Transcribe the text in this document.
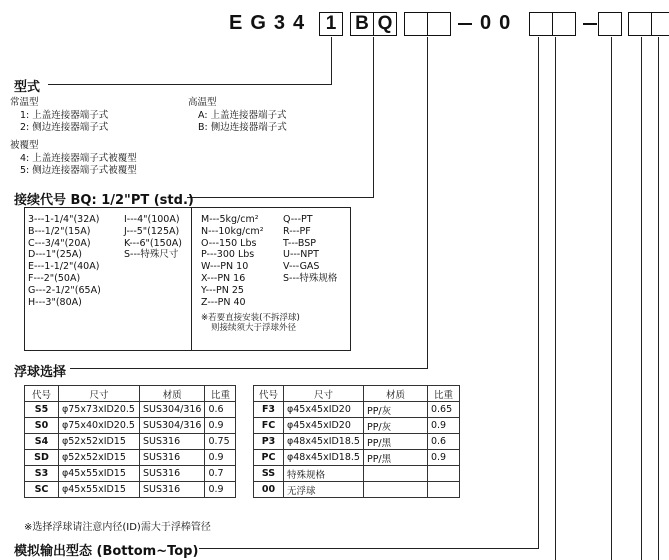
EG34 1 B Q	00
型式
常温型
1: 上盖连接器端子式
2: 侧边连接器端子式
被覆型
4: 上盖连接器端子式被覆型
5: 侧边连接器端子式被覆型
高温型
A: 上盖连接器端子式
B: 侧边连接器端子式
接续代号 BQ: 1/2"PT (std.)
3---1-1/4"(32A)
B---1/2"(15A)
C---3/4"(20A)
D---1"(25A)
E---1-1/2"(40A)
F---2"(50A)
G---2-1/2"(65A)
H---3"(80A)
I---4"(100A)
J---5"(125A)
K---6"(150A)
S---特殊尺寸
M---5kg/cm²
N---10kg/cm²
O---150 Lbs
P---300 Lbs
W---PN 10
X---PN 16
Y---PN 25
Z---PN 40
※若要直接安装(不拆浮球)
则接续须大于浮球外径
Q---PT
R---PF
T---BSP
U---NPT
V---GAS
S---特殊规格
浮球选择
代号	尺寸	材质	比重
S5	φ75x73xID20.5	SUS304/316	0.6
S0	φ75x40xID20.5	SUS304/316	0.9
S4	φ52x52xID15	SUS316	0.75
SD	φ52x52xID15	SUS316	0.9
S3	φ45x55xID15	SUS316	0.7
SC	φ45x55xID15	SUS316	0.9
代号	尺寸	材质	比重
F3	φ45x45xID20	PP/灰	0.65
FC	φ45x45xID20	PP/灰	0.9
P3	φ48x45xID18.5	PP/黑	0.6
PC	φ48x45xID18.5	PP/黑	0.9
SS	特殊规格		
00	无浮球		
※选择浮球请注意内径(ID)需大于浮棒管径
模拟输出型态 (Bottom~Top)
